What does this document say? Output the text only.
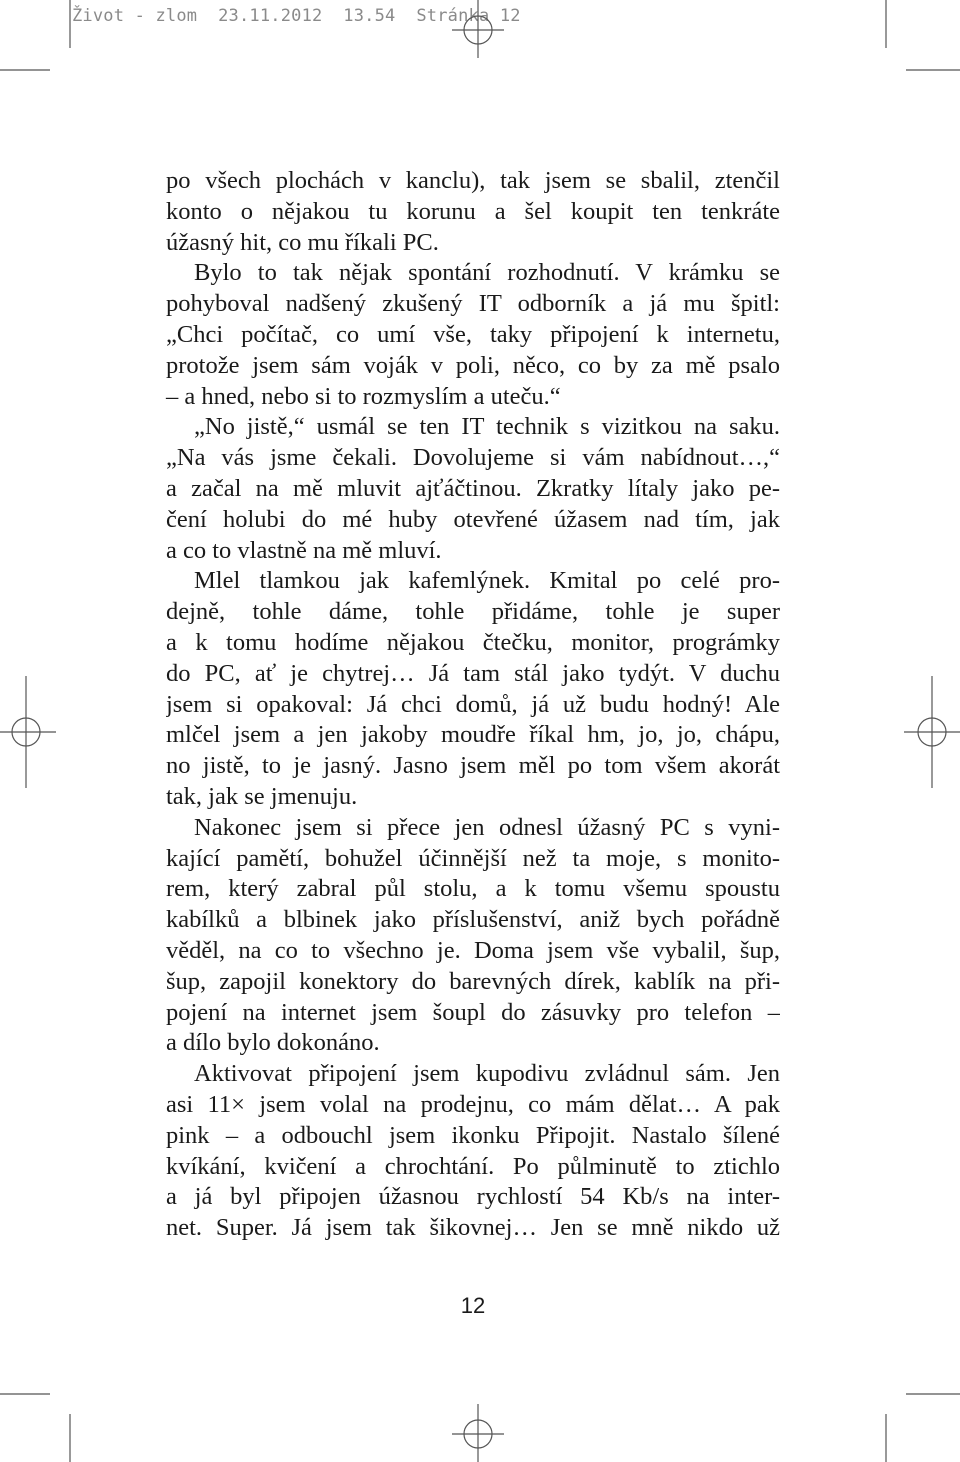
Život - zlom  23.11.2012  13.54  Stránka 12
po všech plochách v kanclu), tak jsem se sbalil, ztenčil
konto o nějakou tu korunu a šel koupit ten tenkráte
úžasný hit, co mu říkali PC.
Bylo to tak nějak spontání rozhodnutí. V krámku se
pohyboval nadšený zkušený IT odborník a já mu špitl:
„Chci počítač, co umí vše, taky připojení k internetu,
protože jsem sám voják v poli, něco, co by za mě psalo
– a hned, nebo si to rozmyslím a uteču.“
„No jistě,“ usmál se ten IT technik s vizitkou na saku.
„Na vás jsme čekali. Dovolujeme si vám nabídnout…,“
a začal na mě mluvit ajťáčtinou. Zkratky lítaly jako pe-
čení holubi do mé huby otevřené úžasem nad tím, jak
a co to vlastně na mě mluví.
Mlel tlamkou jak kafemlýnek. Kmital po celé pro-
dejně, tohle dáme, tohle přidáme, tohle je super
a k tomu hodíme nějakou čtečku, monitor, prográmky
do PC, ať je chytrej… Já tam stál jako tydýt. V duchu
jsem si opakoval: Já chci domů, já už budu hodný! Ale
mlčel jsem a jen jakoby moudře říkal hm, jo, jo, chápu,
no jistě, to je jasný. Jasno jsem měl po tom všem akorát
tak, jak se jmenuju.
Nakonec jsem si přece jen odnesl úžasný PC s vyni-
kající pamětí, bohužel účinnější než ta moje, s monito-
rem, který zabral půl stolu, a k tomu všemu spoustu
kabílků a blbinek jako příslušenství, aniž bych pořádně
věděl, na co to všechno je. Doma jsem vše vybalil, šup,
šup, zapojil konektory do barevných dírek, kablík na při-
pojení na internet jsem šoupl do zásuvky pro telefon –
a dílo bylo dokonáno.
Aktivovat připojení jsem kupodivu zvládnul sám. Jen
asi 11× jsem volal na prodejnu, co mám dělat… A pak
pink – a odbouchl jsem ikonku Připojit. Nastalo šílené
kvíkání, kvičení a chrochtání. Po půlminutě to ztichlo
a já byl připojen úžasnou rychlostí 54 Kb/s na inter-
net. Super. Já jsem tak šikovnej… Jen se mně nikdo už
12
